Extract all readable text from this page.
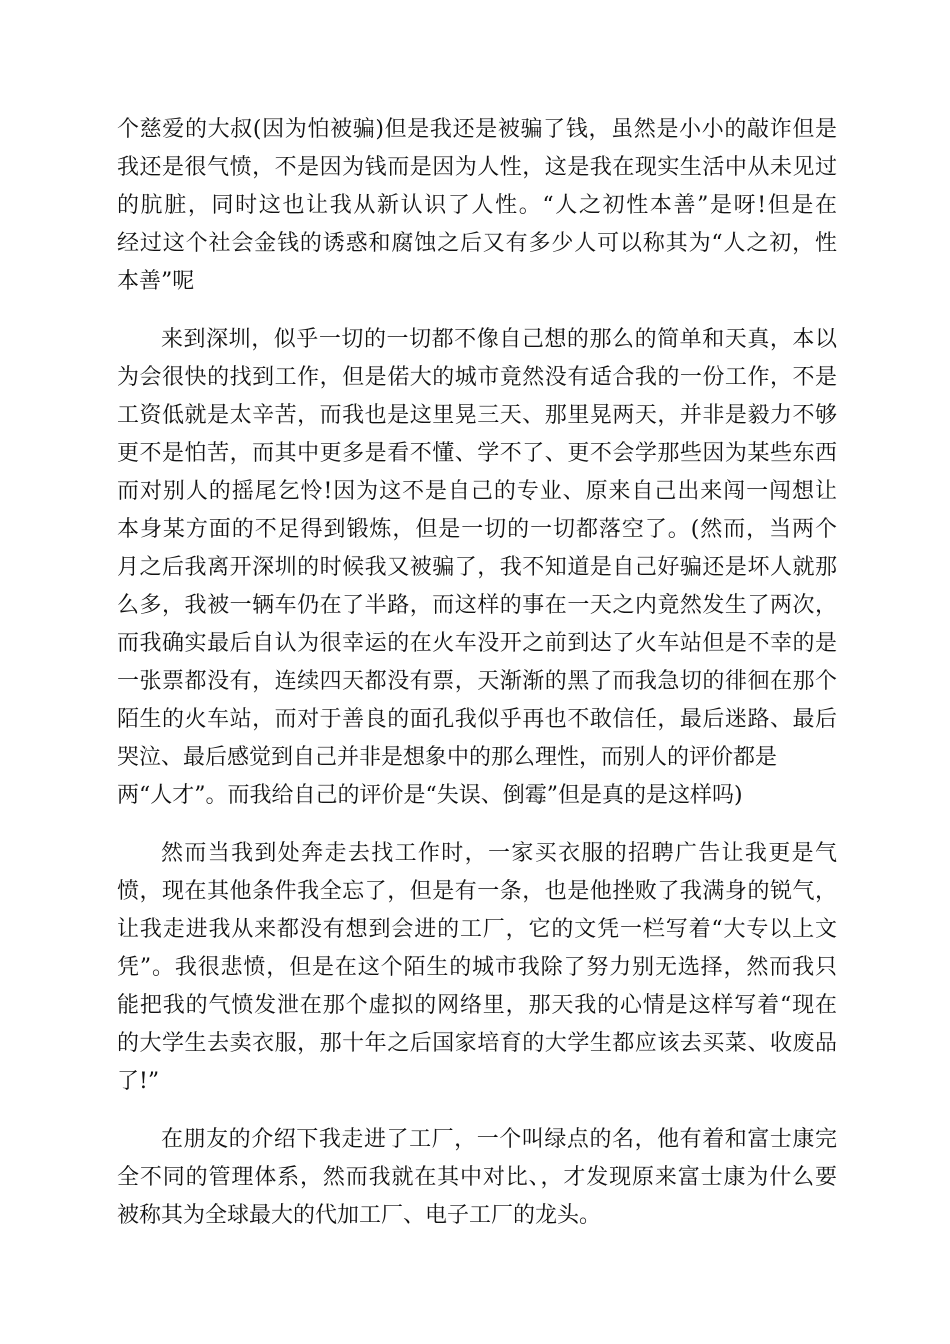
个慈爱的大叔(因为怕被骗)但是我还是被骗了钱，虽然是小小的敲诈但是
我还是很气愤，不是因为钱而是因为人性，这是我在现实生活中从未见过
的肮脏，同时这也让我从新认识了人性。“人之初性本善”是呀!但是在
经过这个社会金钱的诱惑和腐蚀之后又有多少人可以称其为“人之初，性
本善”呢
来到深圳，似乎一切的一切都不像自己想的那么的简单和天真，本以
为会很快的找到工作，但是偌大的城市竟然没有适合我的一份工作，不是
工资低就是太辛苦，而我也是这里晃三天、那里晃两天，并非是毅力不够
更不是怕苦，而其中更多是看不懂、学不了、更不会学那些因为某些东西
而对别人的摇尾乞怜!因为这不是自己的专业、原来自己出来闯一闯想让
本身某方面的不足得到锻炼，但是一切的一切都落空了。(然而，当两个
月之后我离开深圳的时候我又被骗了，我不知道是自己好骗还是坏人就那
么多，我被一辆车仍在了半路，而这样的事在一天之内竟然发生了两次，
而我确实最后自认为很幸运的在火车没开之前到达了火车站但是不幸的是
一张票都没有，连续四天都没有票，天渐渐的黑了而我急切的徘徊在那个
陌生的火车站，而对于善良的面孔我似乎再也不敢信任，最后迷路、最后
哭泣、最后感觉到自己并非是想象中的那么理性，而别人的评价都是
两“人才”。而我给自己的评价是“失误、倒霉”但是真的是这样吗)
然而当我到处奔走去找工作时，一家买衣服的招聘广告让我更是气
愤，现在其他条件我全忘了，但是有一条，也是他挫败了我满身的锐气，
让我走进我从来都没有想到会进的工厂，它的文凭一栏写着“大专以上文
凭”。我很悲愤，但是在这个陌生的城市我除了努力别无选择，然而我只
能把我的气愤发泄在那个虚拟的网络里，那天我的心情是这样写着“现在
的大学生去卖衣服，那十年之后国家培育的大学生都应该去买菜、收废品
了!”
在朋友的介绍下我走进了工厂，一个叫绿点的名，他有着和富士康完
全不同的管理体系，然而我就在其中对比、，才发现原来富士康为什么要
被称其为全球最大的代加工厂、电子工厂的龙头。
